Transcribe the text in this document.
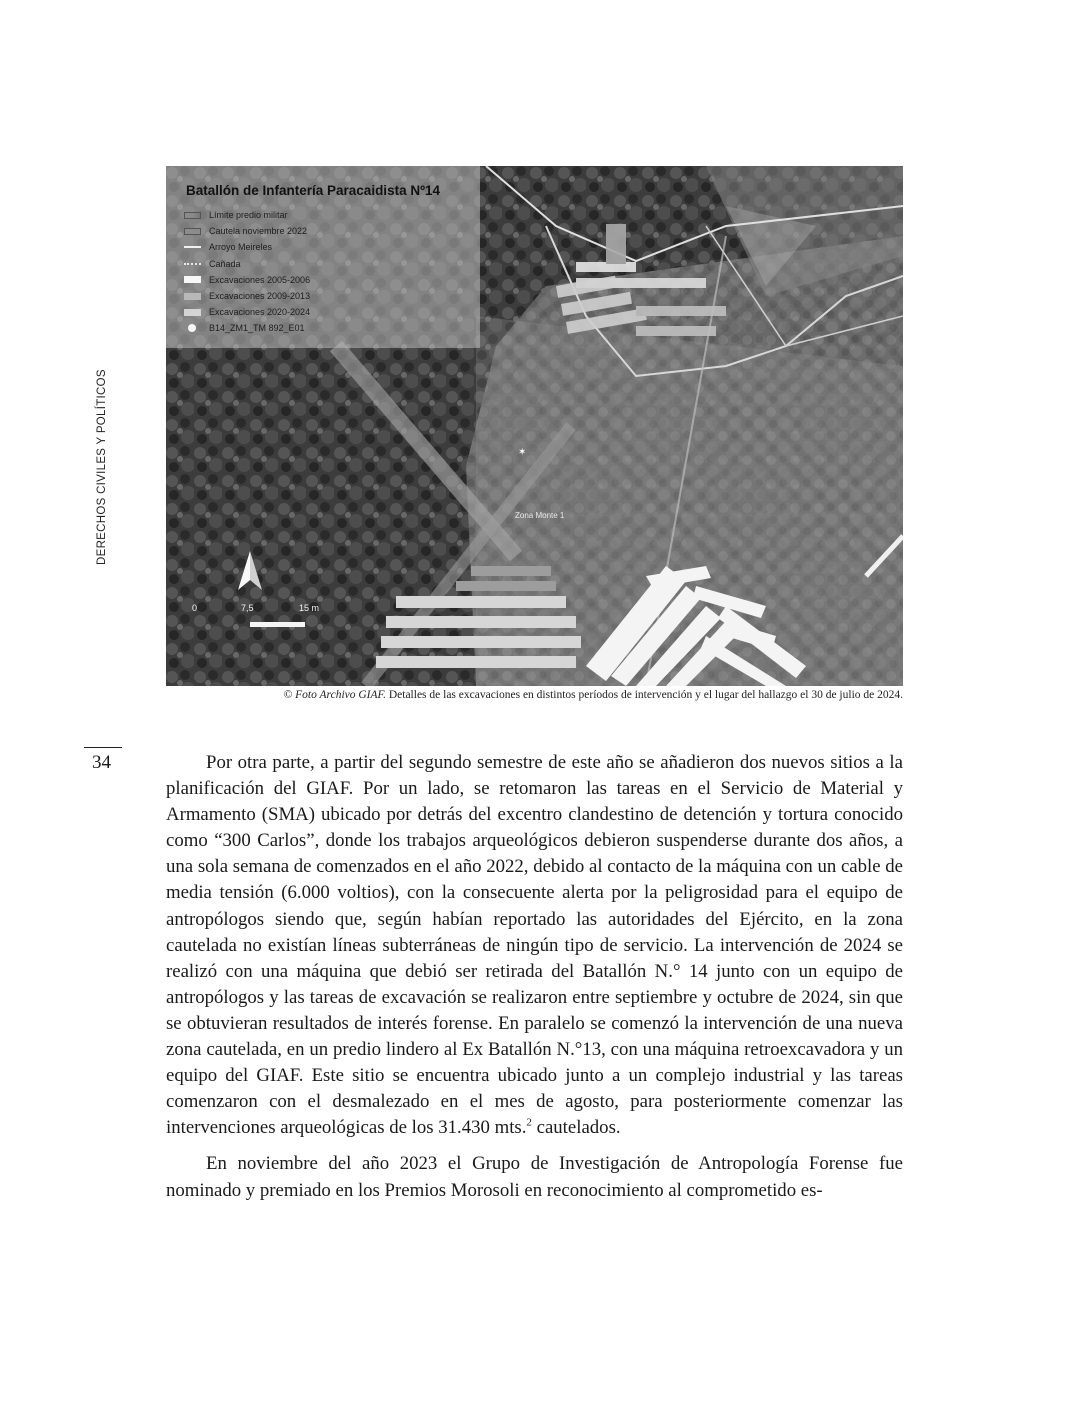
DERECHOS CIVILES Y POLÍTICOS
34
✶
Batallón de Infantería Paracaidista Nº14
Límite predio militar
Cautela noviembre 2022
Arroyo Meireles
Cañada
Excavaciones 2005-2006
Excavaciones 2009-2013
Excavaciones 2020-2024
B14_ZM1_TM 892_E01
Zona Monte 1
0	7,5	15 m
© Foto Archivo GIAF. Detalles de las excavaciones en distintos períodos de intervención y el lugar del hallazgo el 30 de julio de 2024.

Por otra parte, a partir del segundo semestre de este año se añadieron dos nuevos sitios a la planificación del GIAF. Por un lado, se retomaron las tareas en el Servicio de Material y Armamento (SMA) ubicado por detrás del excentro clandestino de detención y tortura conocido como “300 Carlos”, donde los trabajos arqueológicos debieron suspenderse durante dos años, a una sola semana de comenzados en el año 2022, debido al contacto de la máquina con un cable de media tensión (6.000 voltios), con la consecuente alerta por la peligrosidad para el equipo de antropólogos siendo que, según habían reportado las autoridades del Ejército, en la zona cautelada no existían líneas subterráneas de ningún tipo de servicio. La intervención de 2024 se realizó con una máquina que debió ser retirada del Batallón N.° 14 junto con un equipo de antropólogos y las tareas de excavación se realizaron entre septiembre y octubre de 2024, sin que se obtuvieran resultados de interés forense. En paralelo se comenzó la intervención de una nueva zona cautelada, en un predio lindero al Ex Batallón N.°13, con una máquina retroexcavadora y un equipo del GIAF. Este sitio se encuentra ubicado junto a un complejo industrial y las tareas comenzaron con el desmalezado en el mes de agosto, para posteriormente comenzar las intervenciones arqueológicas de los 31.430 mts.$^2$ cautelados.

En noviembre del año 2023 el Grupo de Investigación de Antropología Forense fue nominado y premiado en los Premios Morosoli en reconocimiento al comprometido es-
